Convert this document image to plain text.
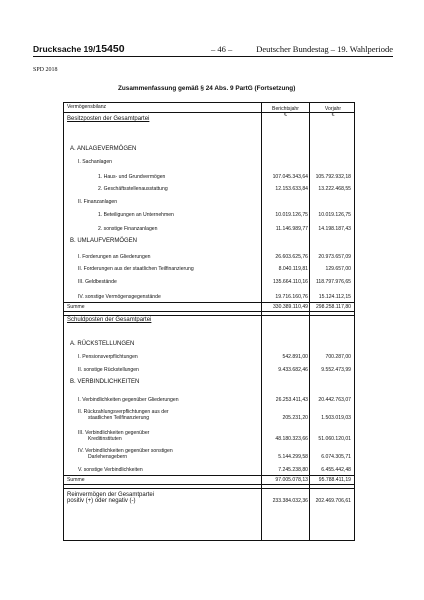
Drucksache 19/15450	– 46 –	Deutscher Bundestag – 19. Wahlperiode
SPD 2018
Zusammenfassung gemäß § 24 Abs. 9 PartG (Fortsetzung)
Vermögensbilanz	Berichtsjahr
€
Vorjahr
€
Besitzposten der Gesamtpartei
Schuldposten der Gesamtpartei
A. ANLAGEVERMÖGEN
I. Sachanlagen
1. Haus- und Grundvermögen	107.045.343,64 105.792.932,18
2. Geschäftsstellenausstattung	12.153.633,84 13.222.468,55
II. Finanzanlagen
1. Beteiligungen an Unternehmen	10.019.126,75 10.019.126,75
2. sonstige Finanzanlagen	11.146.989,77 14.198.187,43
B. UMLAUFVERMÖGEN
I. Forderungen an Gliederungen	26.603.625,76 20.973.657,09
II. Forderungen aus der staatlichen Teilfinanzierung	8.040.119,81	129.657,00
III. Geldbestände	135.664.110,16 118.797.976,65
IV. sonstige Vermögensgegenstände	19.716.160,76 15.124.112,15
Summe	330.389.110,49 298.258.117,80
A. RÜCKSTELLUNGEN
I. Pensionsverpflichtungen	542.891,00	700.287,00
II. sonstige Rückstellungen	9.433.682,46	9.552.473,99
B. VERBINDLICHKEITEN
I. Verbindlichkeiten gegenüber Gliederungen	26.253.411,43 20.442.763,07
II. Rückzahlungsverpflichtungen aus der
staatlichen Teilfinanzierung	205.231,20	1.503.019,03
III. Verbindlichkeiten gegenüber
Kreditinstituten	48.180.323,66 51.060.120,01
IV. Verbindlichkeiten gegenüber sonstigen
Darlehensgebern	5.144.299,58	6.074.305,71
V. sonstige Verbindlichkeiten	7.245.238,80	6.455.442,48
Summe	97.005.078,13 95.788.411,19
Reinvermögen der Gesamtpartei
positiv (+) oder negativ (-)	233.384.032,36 202.469.706,61
